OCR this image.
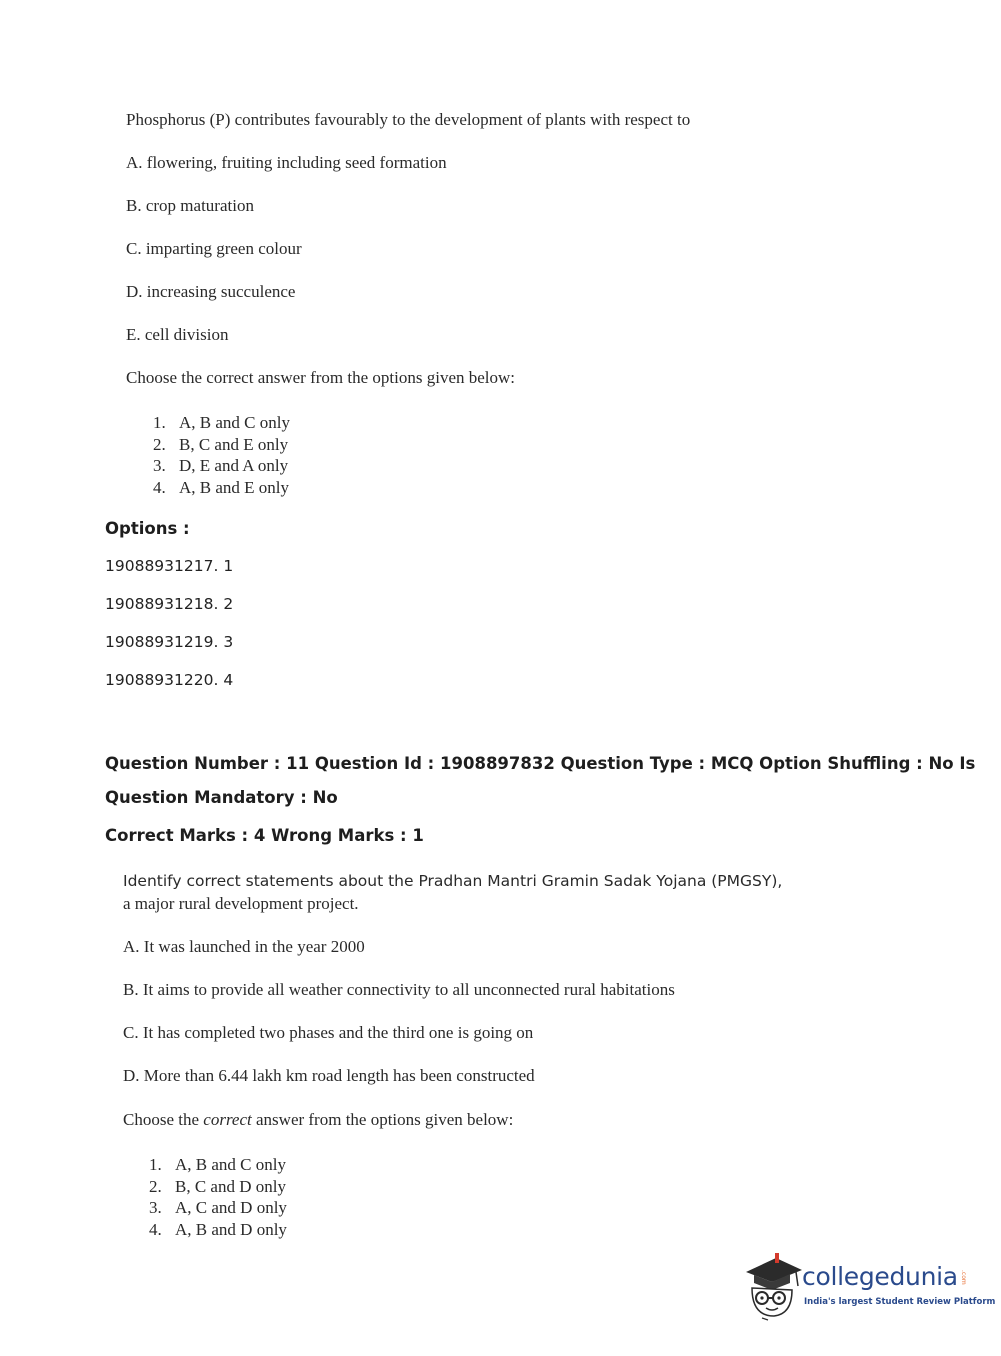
Phosphorus (P) contributes favourably to the development of plants with respect to
A. flowering, fruiting including seed formation
B. crop maturation
C. imparting green colour
D. increasing succulence
E. cell division
Choose the correct answer from the options given below:
1. A, B and C only
2. B, C and E only
3. D, E and A only
4. A, B and E only
Options :
19088931217. 1
19088931218. 2
19088931219. 3
19088931220. 4
Question Number : 11 Question Id : 1908897832 Question Type : MCQ Option Shuffling : No Is
Question Mandatory : No
Correct Marks : 4 Wrong Marks : 1
Identify correct statements about the Pradhan Mantri Gramin Sadak Yojana (PMGSY),
a major rural development project.
A. It was launched in the year 2000
B. It aims to provide all weather connectivity to all unconnected rural habitations
C. It has completed two phases and the third one is going on
D. More than 6.44 lakh km road length has been constructed
Choose the correct answer from the options given below:
1. A, B and C only
2. B, C and D only
3. A, C and D only
4. A, B and D only
collegedunia .com
India's largest Student Review Platform
